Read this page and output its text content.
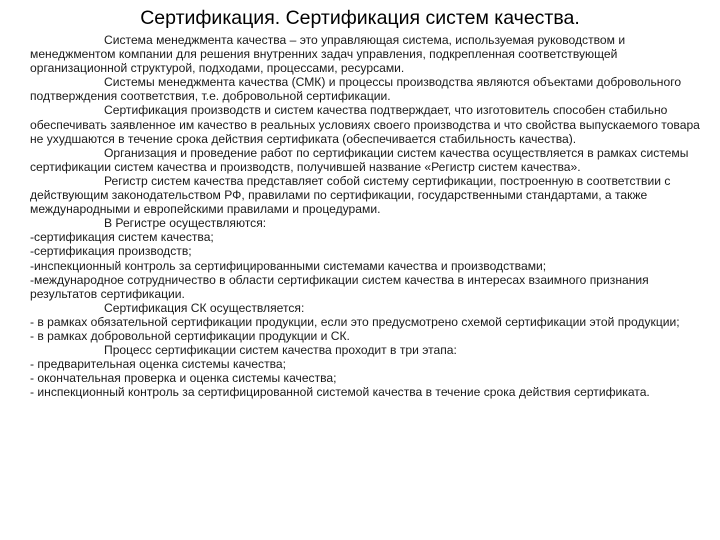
Сертификация. Сертификация систем качества.

Система менеджмента качества – это управляющая система, используемая руководством и менеджментом компании для решения внутренних задач управления, подкрепленная соответствующей организационной структурой, подходами, процессами, ресурсами.

Системы менеджмента качества (СМК) и процессы производства являются объектами добровольного подтверждения соответствия, т.е. добровольной сертификации.

Сертификация производств и систем качества подтверждает, что изготовитель способен стабильно обеспечивать заявленное им качество в реальных условиях своего производства и что свойства выпускаемого товара не ухудшаются в течение срока действия сертификата (обеспечивается стабильность качества).

Организация и проведение работ по сертификации систем качества осуществляется в рамках системы сертификации систем качества и производств, получившей название «Регистр систем качества».

Регистр систем качества представляет собой систему сертификации, построенную в соответствии с действующим законодательством РФ, правилами по сертификации, государственными стандартами, а также международными и европейскими правилами и процедурами.

В Регистре осуществляются:

-сертификация систем качества;

-сертификация производств;

-инспекционный контроль за сертифицированными системами качества и производствами;

-международное сотрудничество в области сертификации систем качества в интересах взаимного признания результатов сертификации.

Сертификация СК осуществляется:

- в рамках обязательной сертификации продукции, если это предусмотрено схемой сертификации этой продукции;

- в рамках добровольной сертификации продукции и СК.

Процесс сертификации систем качества проходит в три этапа:

- предварительная оценка системы качества;

- окончательная проверка и оценка системы качества;

- инспекционный контроль за сертифицированной системой качества в течение срока действия сертификата.
